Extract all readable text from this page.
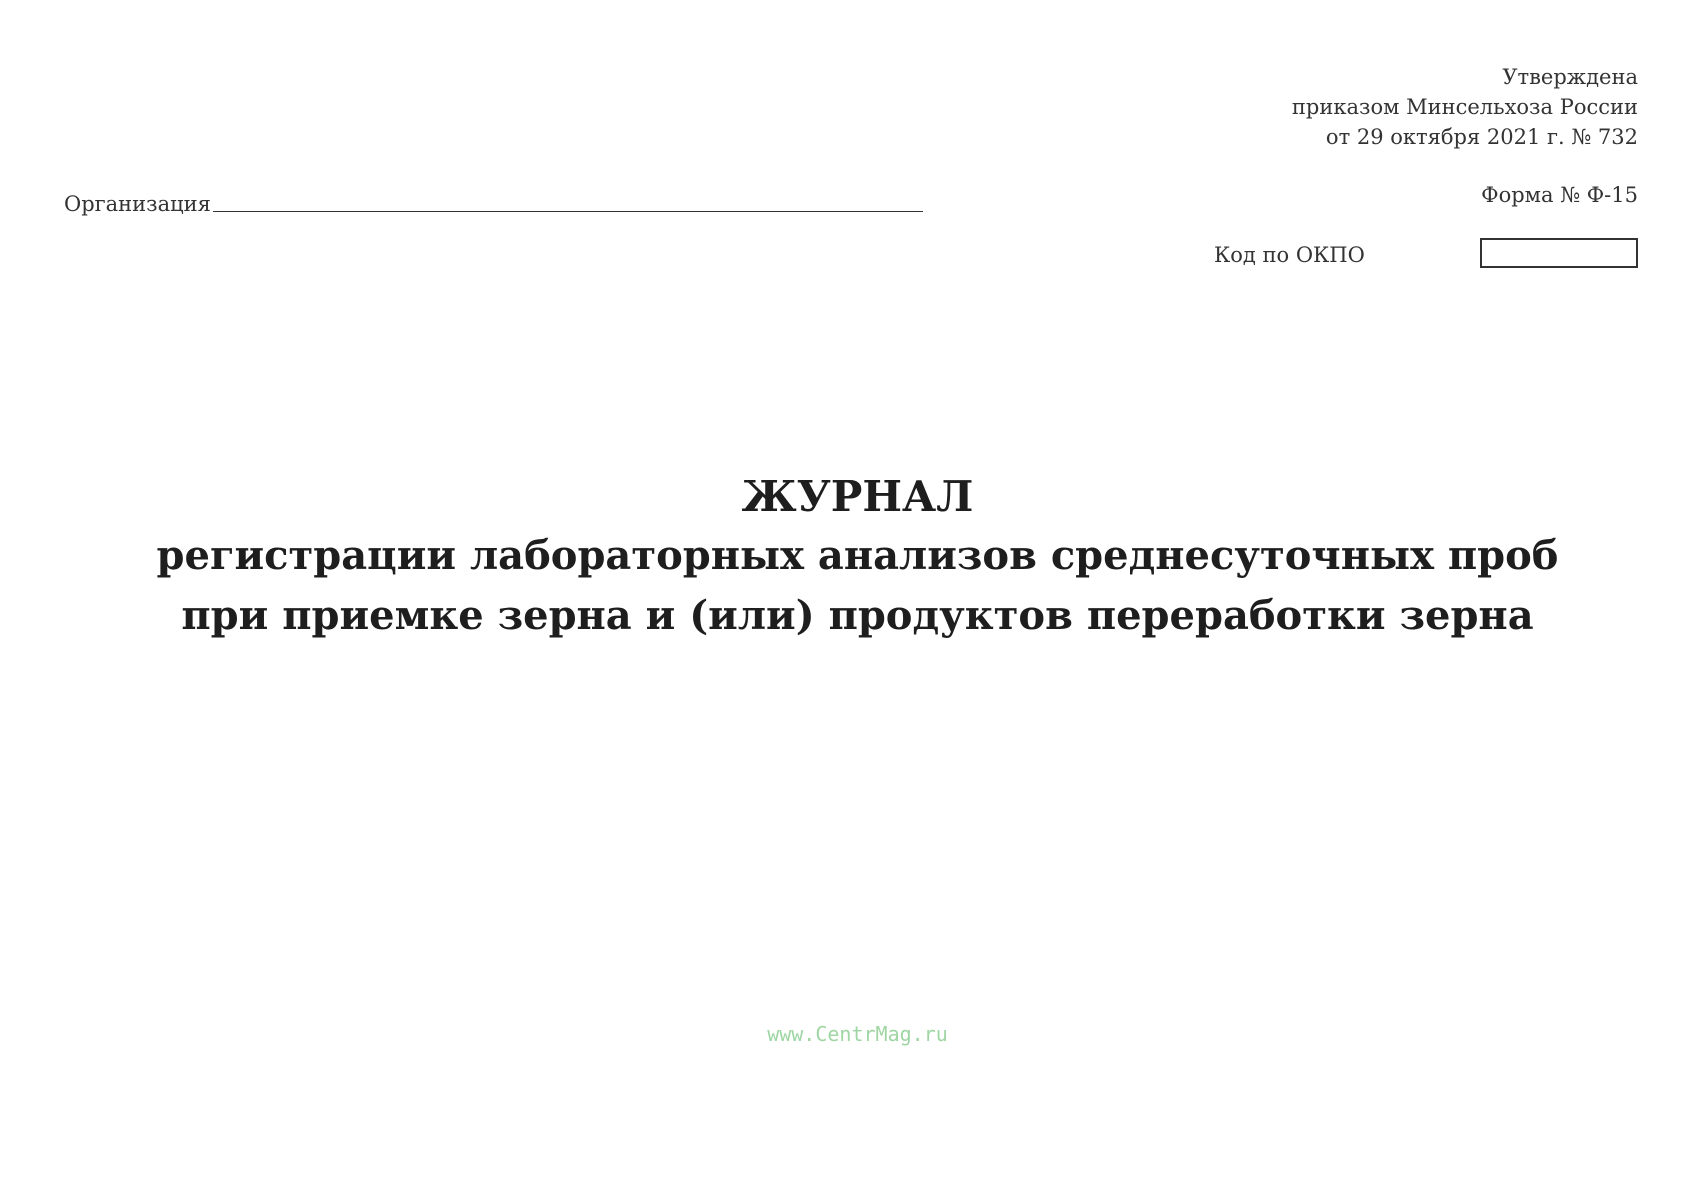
Утверждена
приказом Минсельхоза России
от 29 октября 2021 г. № 732
Форма № Ф-15
Организация
Код по ОКПО
ЖУРНАЛ
регистрации лабораторных анализов среднесуточных проб
при приемке зерна и (или) продуктов переработки зерна
www.CentrMag.ru
